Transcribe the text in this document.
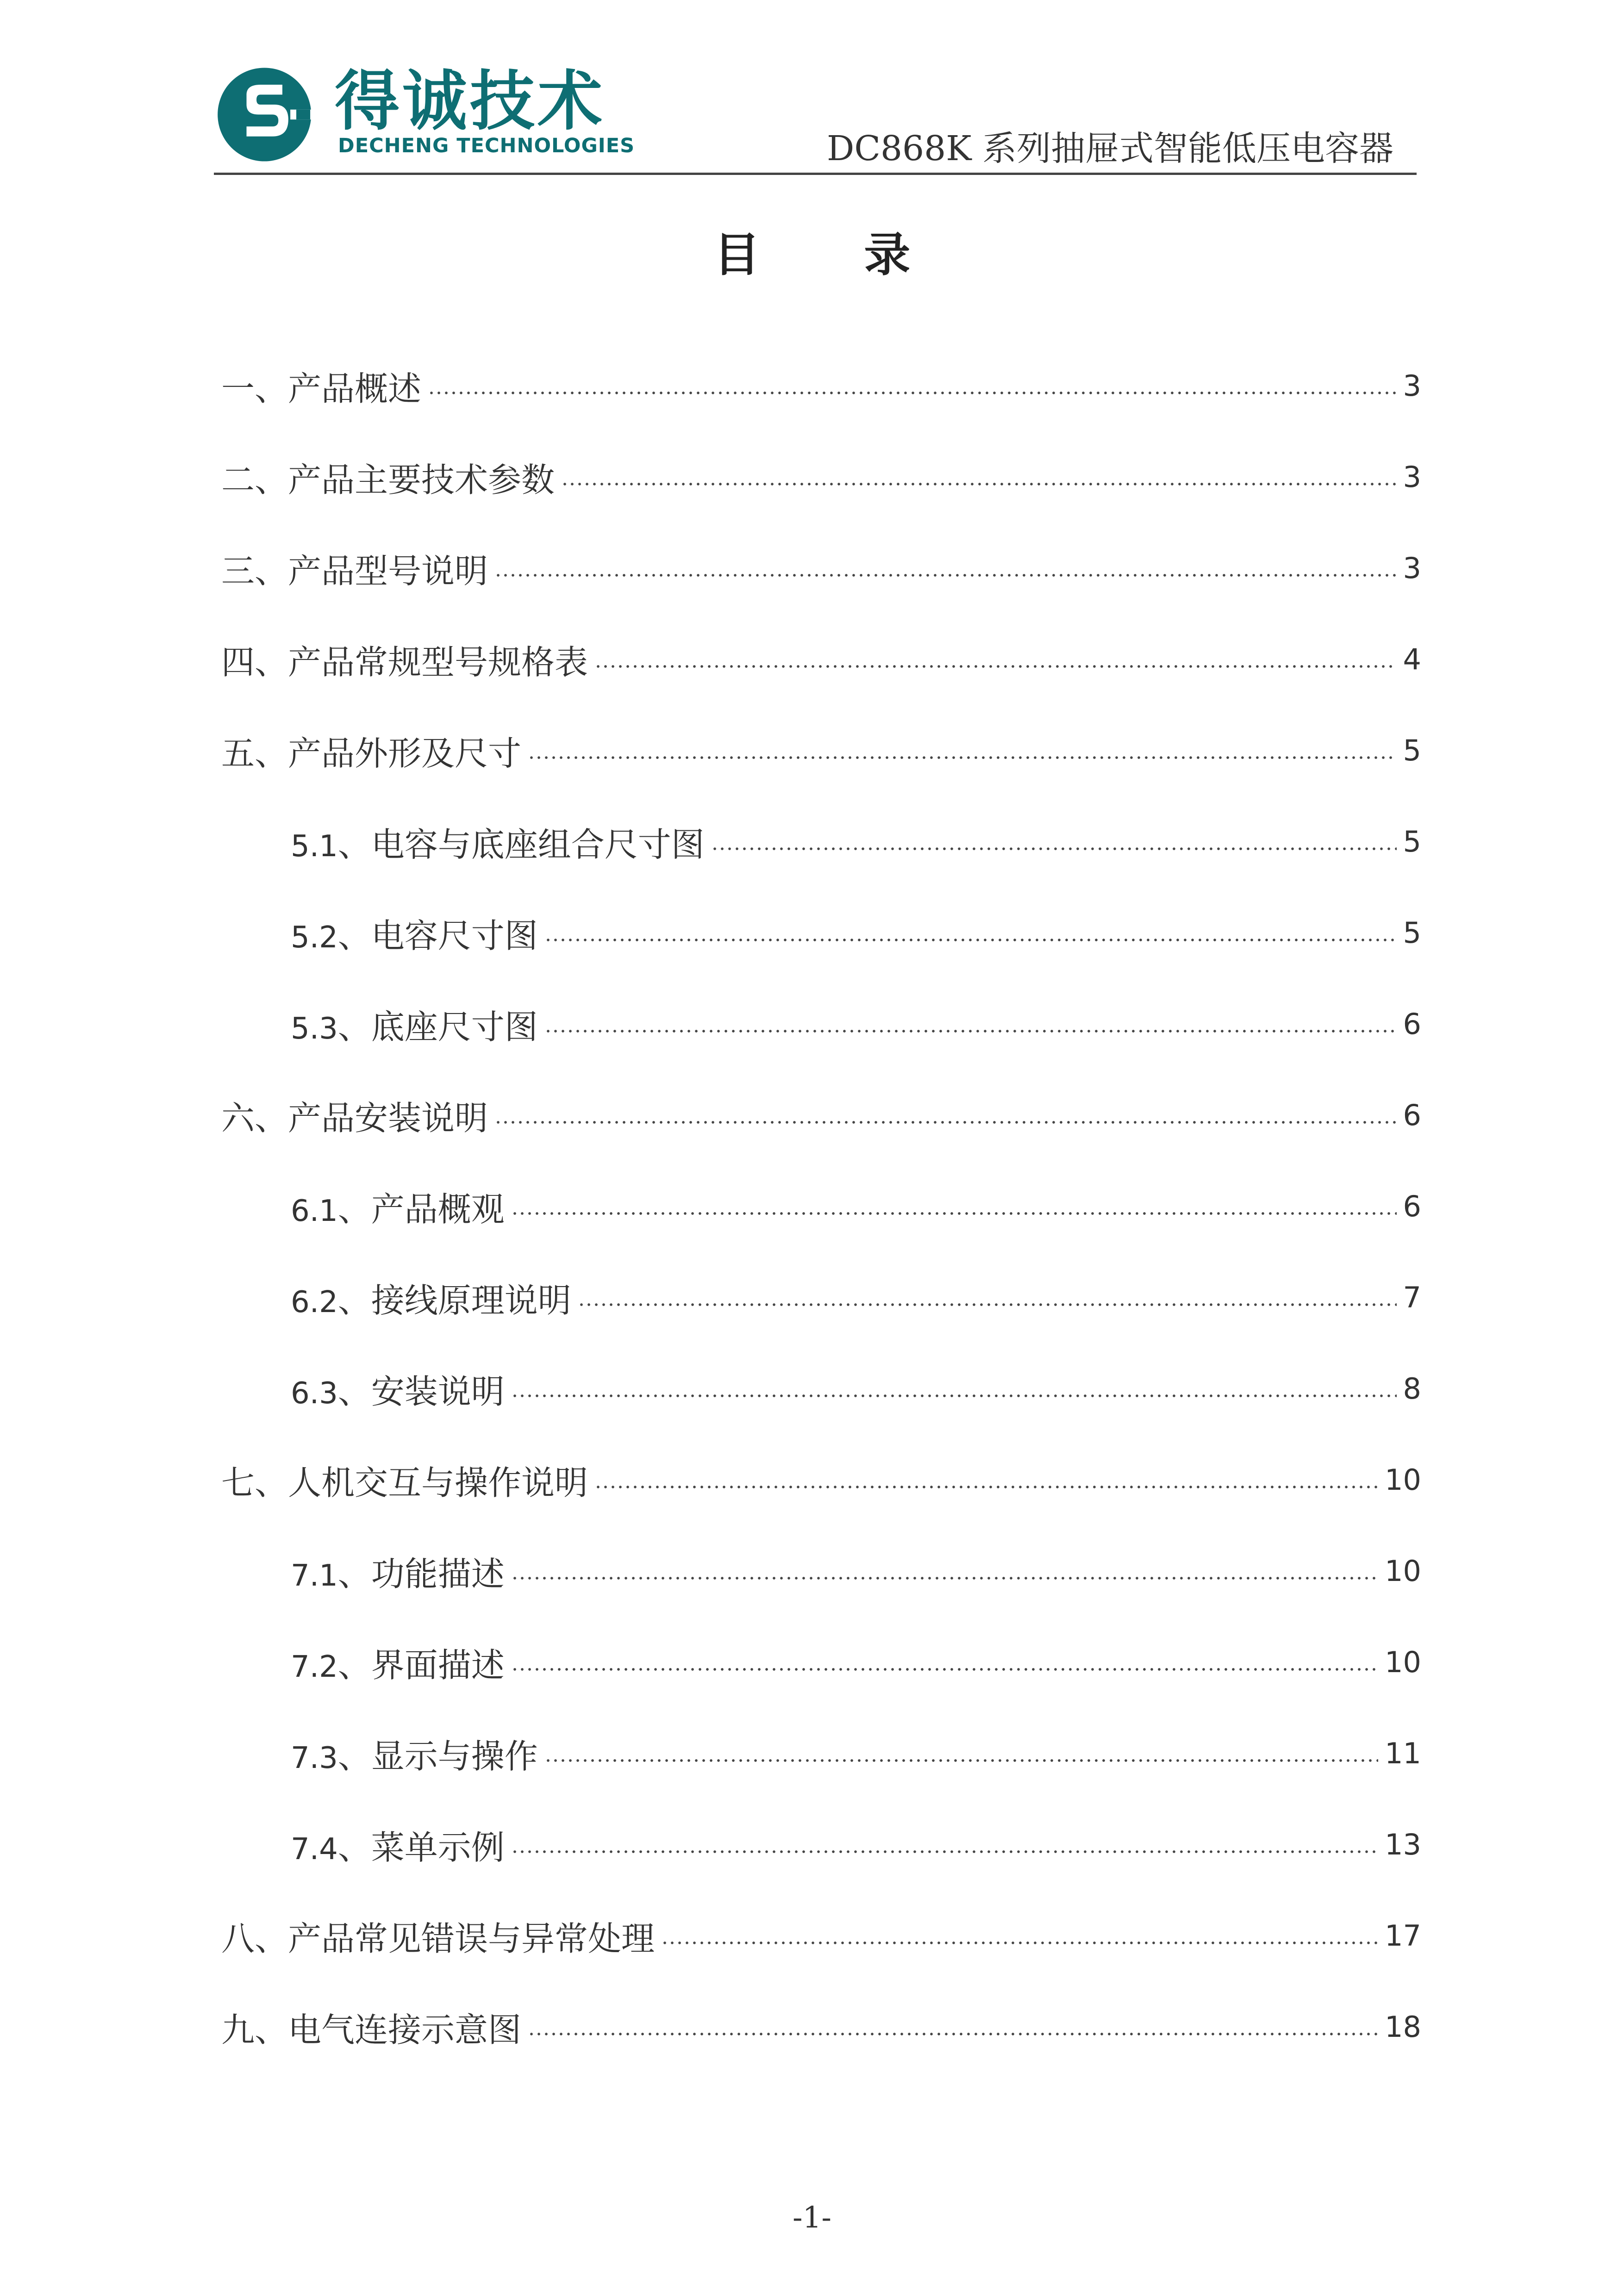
得诚技术
DECHENG TECHNOLOGIES	DC868K 系列抽屉式智能低压电容器
目 录
一、产品概述	3
二、产品主要技术参数	3
三、产品型号说明	3
四、产品常规型号规格表	4
五、产品外形及尺寸	5
5.1、电容与底座组合尺寸图	5
5.2、电容尺寸图	5
5.3、底座尺寸图	6
六、产品安装说明	6
6.1、产品概观	6
6.2、接线原理说明	7
6.3、安装说明	8
七、人机交互与操作说明	10
7.1、功能描述	10
7.2、界面描述	10
7.3、显示与操作	11
7.4、菜单示例	13
八、产品常见错误与异常处理	17
九、电气连接示意图	18
-1-
